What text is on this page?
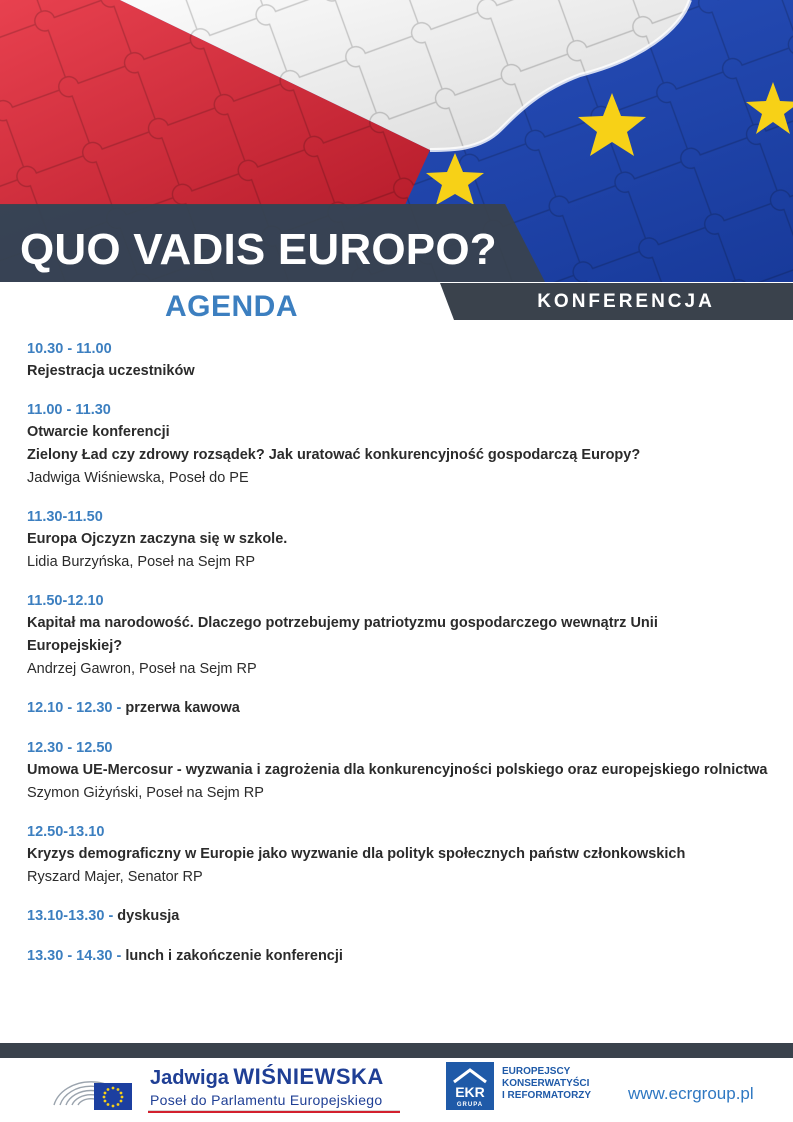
QUO VADIS EUROPO?
AGENDA	KONFERENCJA
10.30 - 11.00
Rejestracja uczestników
11.00 - 11.30
Otwarcie konferencji
Zielony Ład czy zdrowy rozsądek? Jak uratować konkurencyjność gospodarczą Europy?
Jadwiga Wiśniewska, Poseł do PE
11.30-11.50
Europa Ojczyzn zaczyna się w szkole.
Lidia Burzyńska, Poseł na Sejm RP
11.50-12.10
Kapitał ma narodowość. Dlaczego potrzebujemy patriotyzmu gospodarczego wewnątrz Unii Europejskiej?
Andrzej Gawron, Poseł na Sejm RP
12.10 - 12.30 - przerwa kawowa
12.30 - 12.50
Umowa UE-Mercosur - wyzwania i zagrożenia dla konkurencyjności polskiego oraz europejskiego rolnictwa
Szymon Giżyński, Poseł na Sejm RP
12.50-13.10
Kryzys demograficzny w Europie jako wyzwanie dla polityk społecznych państw członkowskich
Ryszard Majer, Senator RP
13.10-13.30 - dyskusja
13.30 - 14.30 - lunch i zakończenie konferencji
Jadwiga WIŚNIEWSKA
Poseł do Parlamentu Europejskiego	EKR
GRUPA
EUROPEJSCY
KONSERWATYŚCI
I REFORMATORZY	www.ecrgroup.pl
